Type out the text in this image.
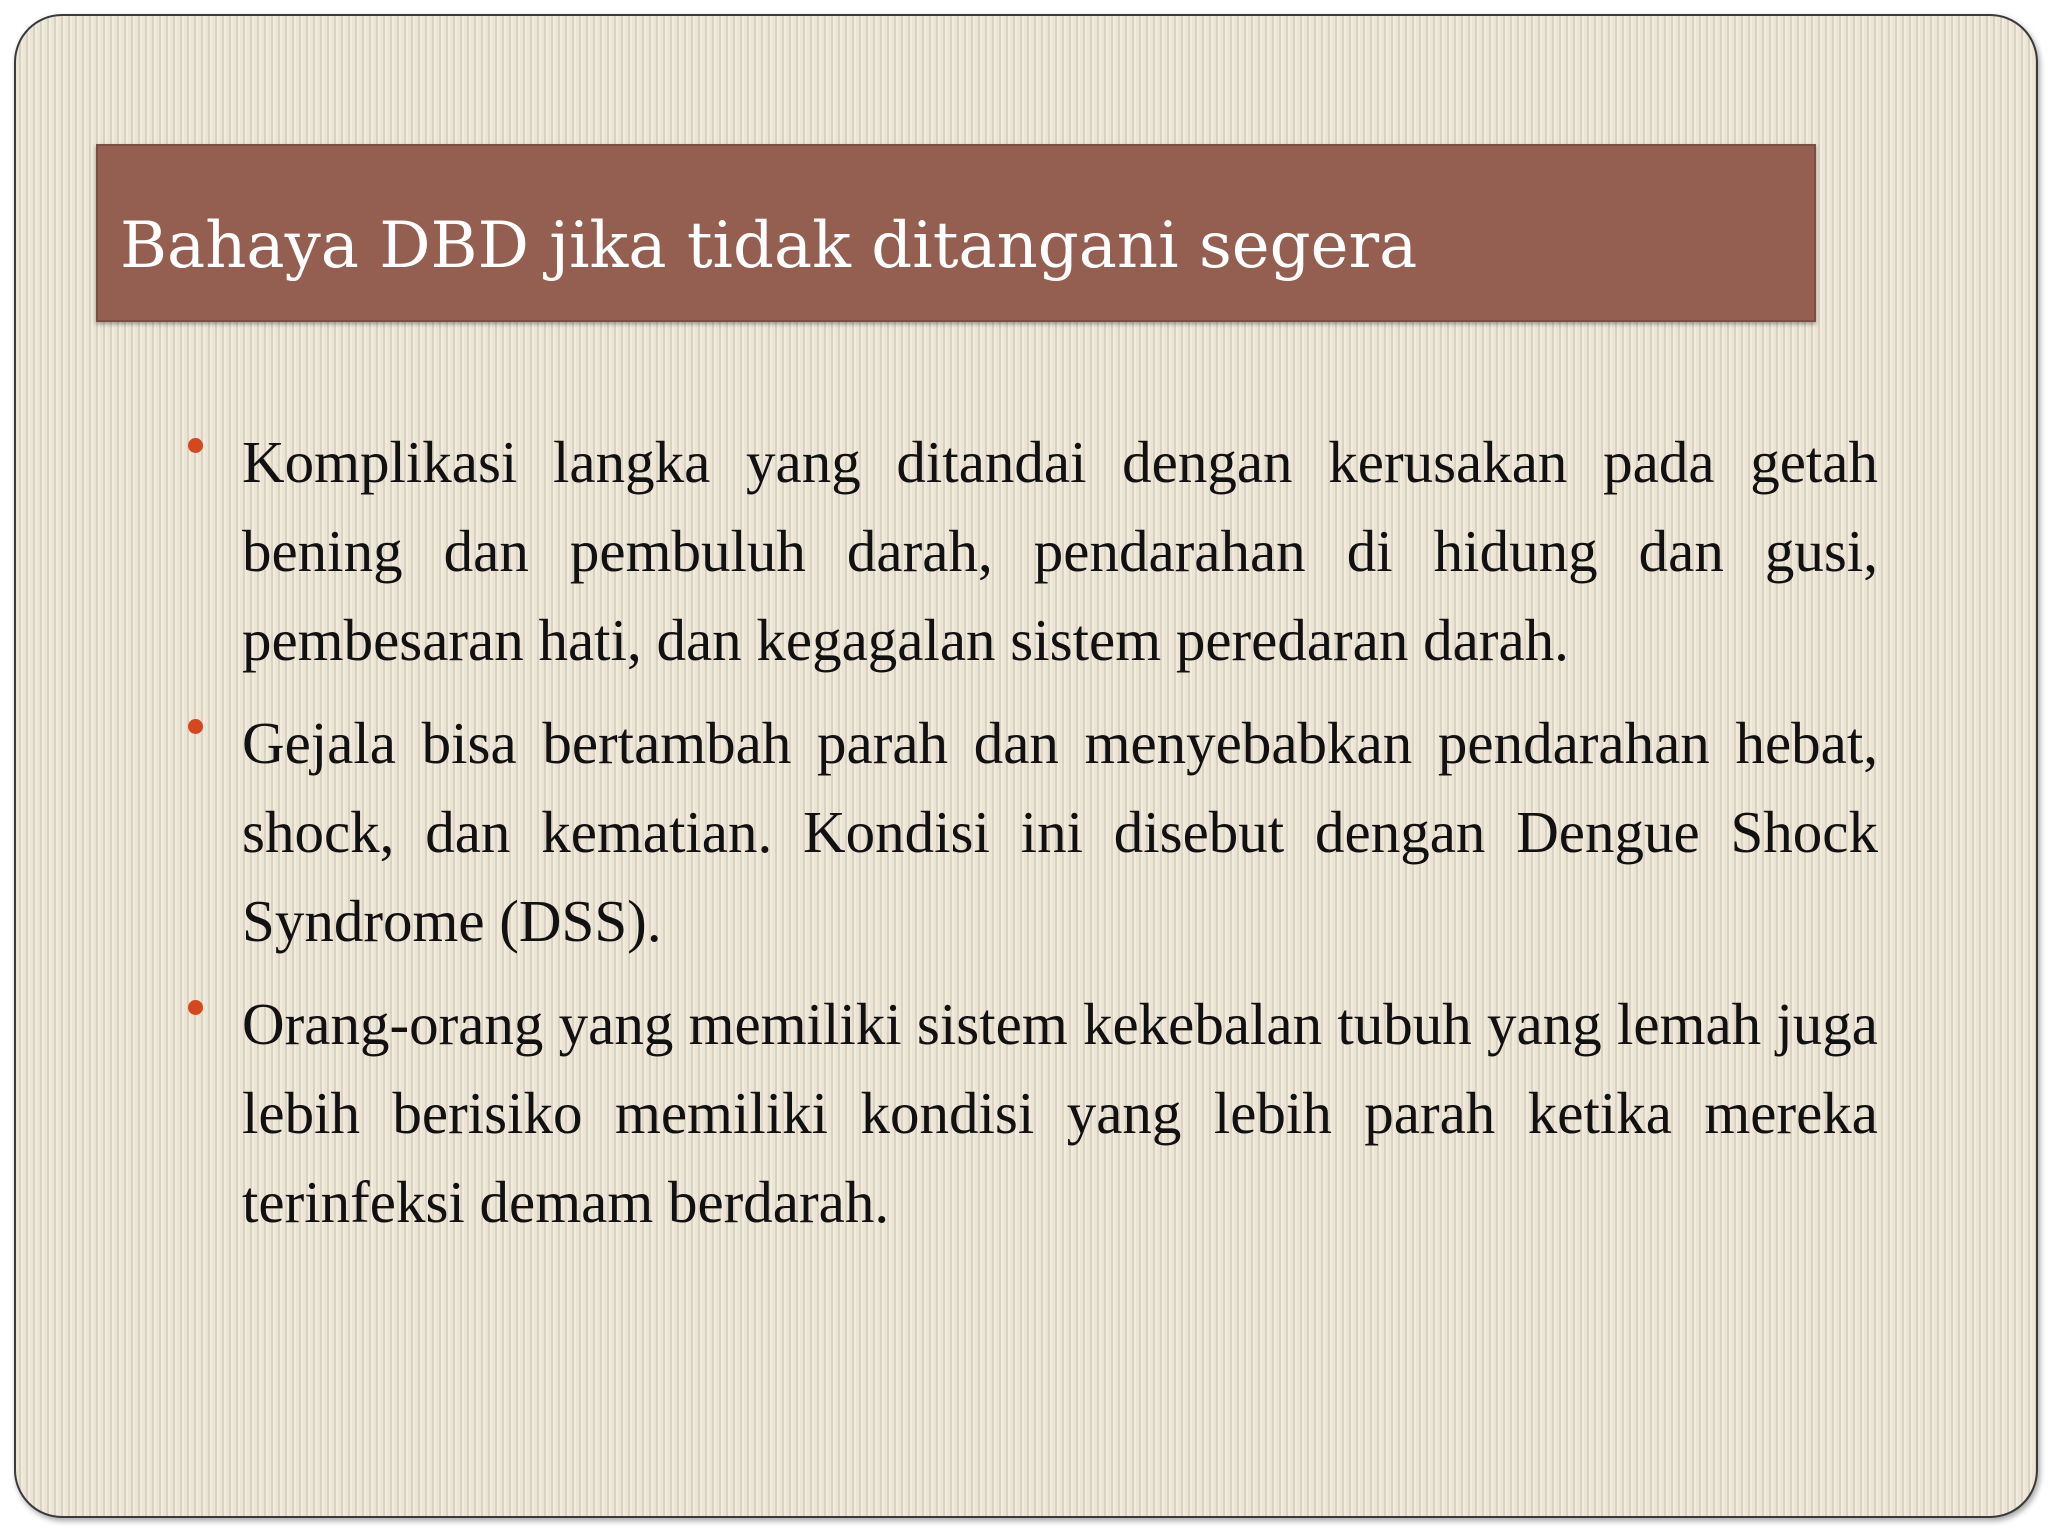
Bahaya DBD jika tidak ditangani segera
Komplikasi langka yang ditandai dengan kerusakan pada getah bening dan pembuluh darah, pendarahan di hidung dan gusi, pembesaran hati, dan kegagalan sistem peredaran darah.
Gejala bisa bertambah parah dan menyebabkan pendarahan hebat, shock, dan kematian. Kondisi ini disebut dengan Dengue Shock Syndrome (DSS).
Orang-orang yang memiliki sistem kekebalan tubuh yang lemah juga lebih berisiko memiliki kondisi yang lebih parah ketika mereka terinfeksi demam berdarah.
